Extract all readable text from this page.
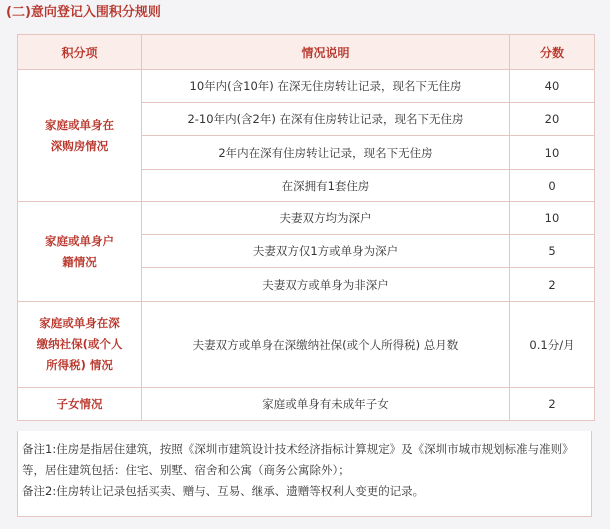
(二)意向登记入围积分规则
积分项	情况说明	分数

家庭或单身在
深购房情况	10年内(含10年) 在深无住房转让记录，现名下无住房	40
	2-10年内(含2年) 在深有住房转让记录，现名下无住房	20
	2年内在深有住房转让记录，现名下无住房	10
	在深拥有1套住房	0

家庭或单身户
籍情况	夫妻双方均为深户	10
	夫妻双方仅1方或单身为深户	5
	夫妻双方或单身为非深户	2

家庭或单身在深
缴纳社保(或个人
所得税) 情况	夫妻双方或单身在深缴纳社保(或个人所得税) 总月数	0.1分/月

子女情况	家庭或单身有未成年子女	2
备注1:住房是指居住建筑，按照《深圳市建筑设计技术经济指标计算规定》及《深圳市城市规划标准与准则》等，居住建筑包括：住宅、别墅、宿舍和公寓（商务公寓除外）；
备注2:住房转让记录包括买卖、赠与、互易、继承、遗赠等权利人变更的记录。
